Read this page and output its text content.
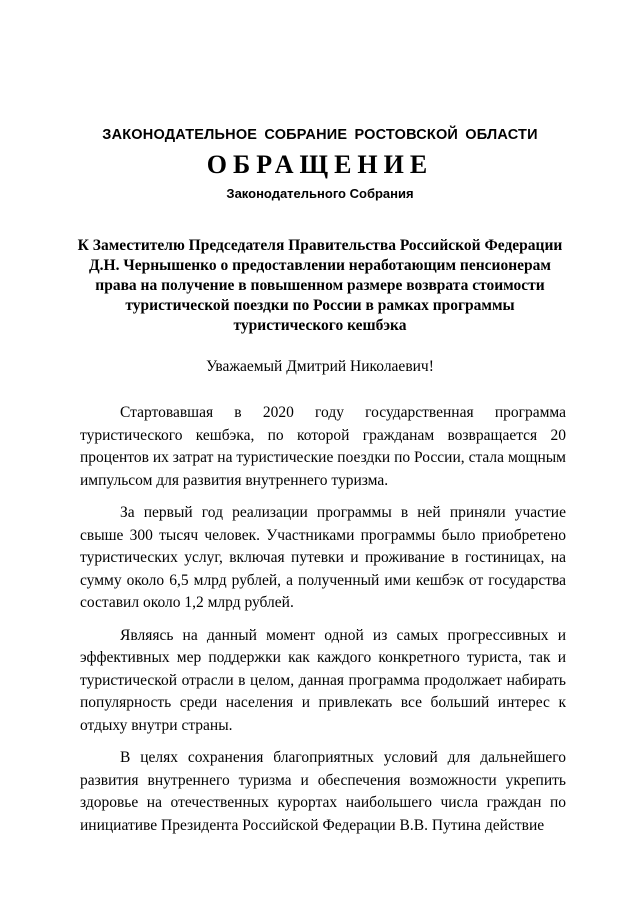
ЗАКОНОДАТЕЛЬНОЕ СОБРАНИЕ РОСТОВСКОЙ ОБЛАСТИ
ОБРАЩЕНИЕ
Законодательного Собрания
К Заместителю Председателя Правительства Российской Федерации
Д.Н. Чернышенко о предоставлении неработающим пенсионерам
права на получение в повышенном размере возврата стоимости
туристической поездки по России в рамках программы
туристического кешбэка
Уважаемый Дмитрий Николаевич!

Стартовавшая в 2020 году государственная программа туристического кешбэка, по которой гражданам возвращается 20 процентов их затрат на туристические поездки по России, стала мощным импульсом для развития внутреннего туризма.

За первый год реализации программы в ней приняли участие свыше 300 тысяч человек. Участниками программы было приобретено туристических услуг, включая путевки и проживание в гостиницах, на сумму около 6,5 млрд рублей, а полученный ими кешбэк от государства составил около 1,2 млрд рублей.

Являясь на данный момент одной из самых прогрессивных и эффективных мер поддержки как каждого конкретного туриста, так и туристической отрасли в целом, данная программа продолжает набирать популярность среди населения и привлекать все больший интерес к отдыху внутри страны.

В целях сохранения благоприятных условий для дальнейшего развития внутреннего туризма и обеспечения возможности укрепить здоровье на отечественных курортах наибольшего числа граждан по инициативе Президента Российской Федерации В.В. Путина действие
